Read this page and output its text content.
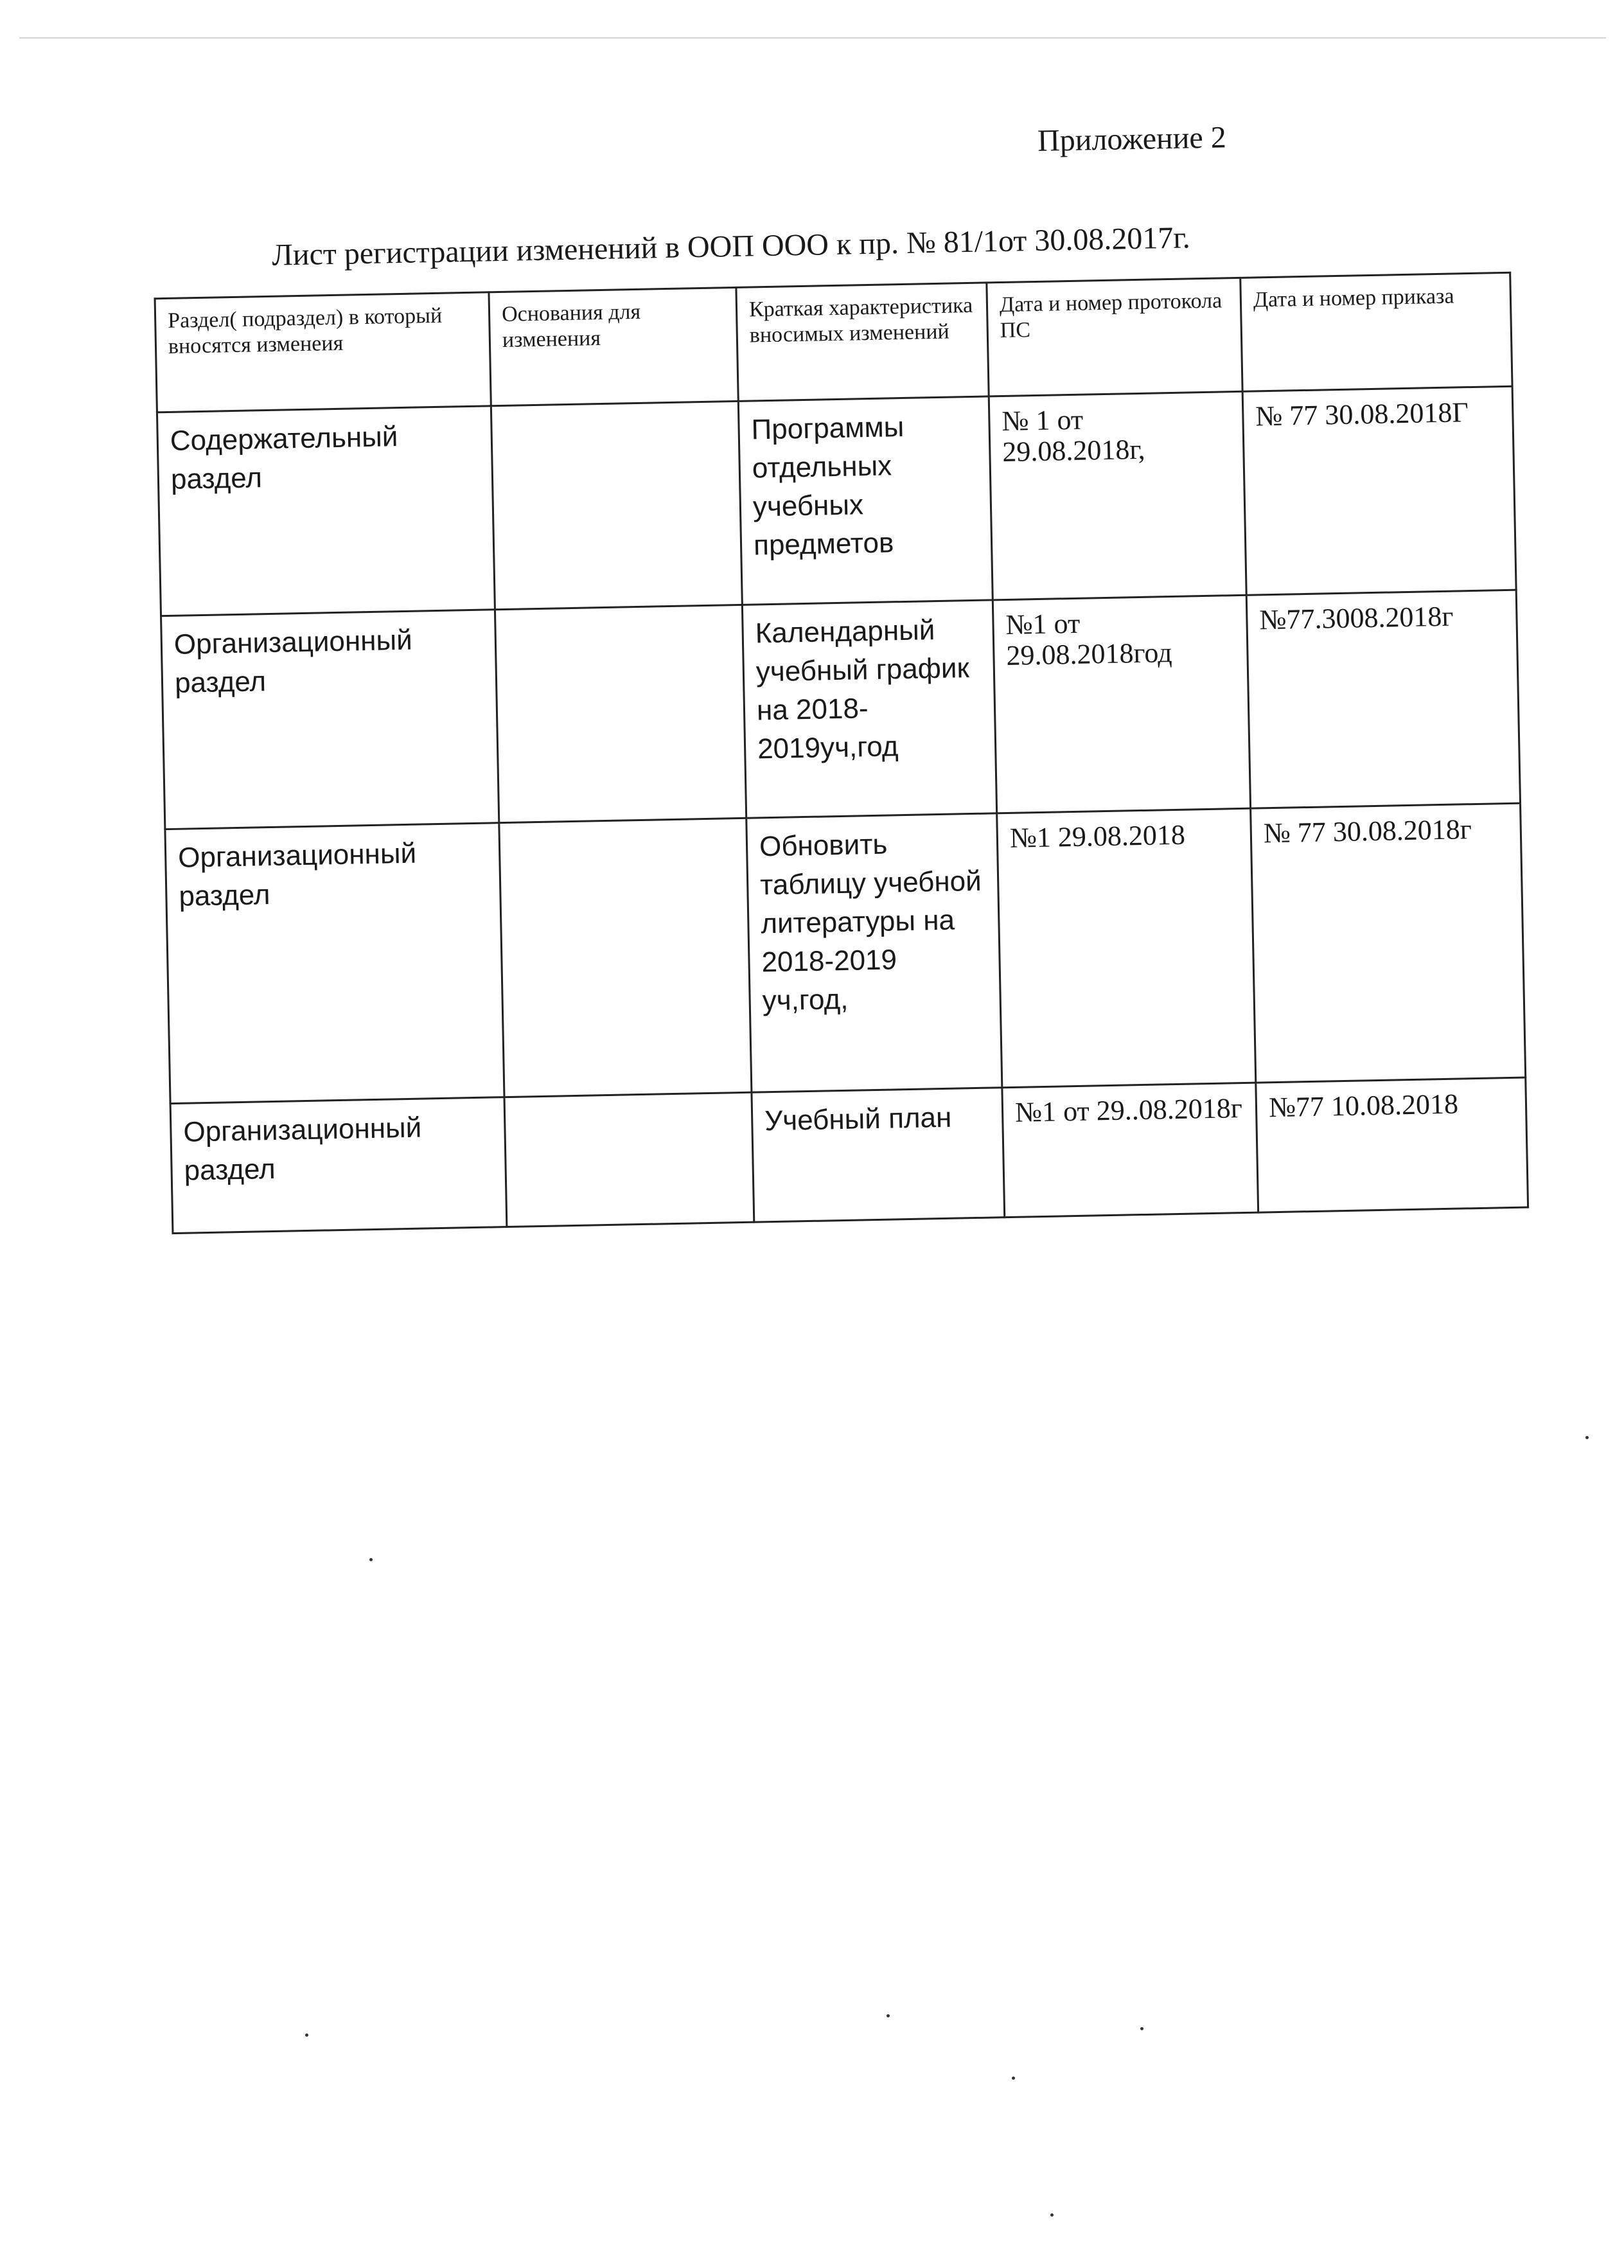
Приложение 2
Лист регистрации изменений в ООП ООО к пр. № 81/1от 30.08.2017г.
Раздел( подраздел) в который вносятся изменеия	Основания для изменения	Краткая характеристика вносимых изменений	Дата и номер протокола ПС	Дата и номер приказа
Содержательный раздел		Программы отдельных учебных предметов	№ 1 от 29.08.2018г,	№ 77 30.08.2018Г
Организационный раздел		Календарный учебный график на 2018-2019уч,год	№1 от 29.08.2018год	№77.3008.2018г
Организационный раздел		Обновить таблицу учебной литературы на 2018-2019 уч,год,	№1 29.08.2018	№ 77 30.08.2018г
Организационный раздел		Учебный план	№1 от 29..08.2018г	№77 10.08.2018
